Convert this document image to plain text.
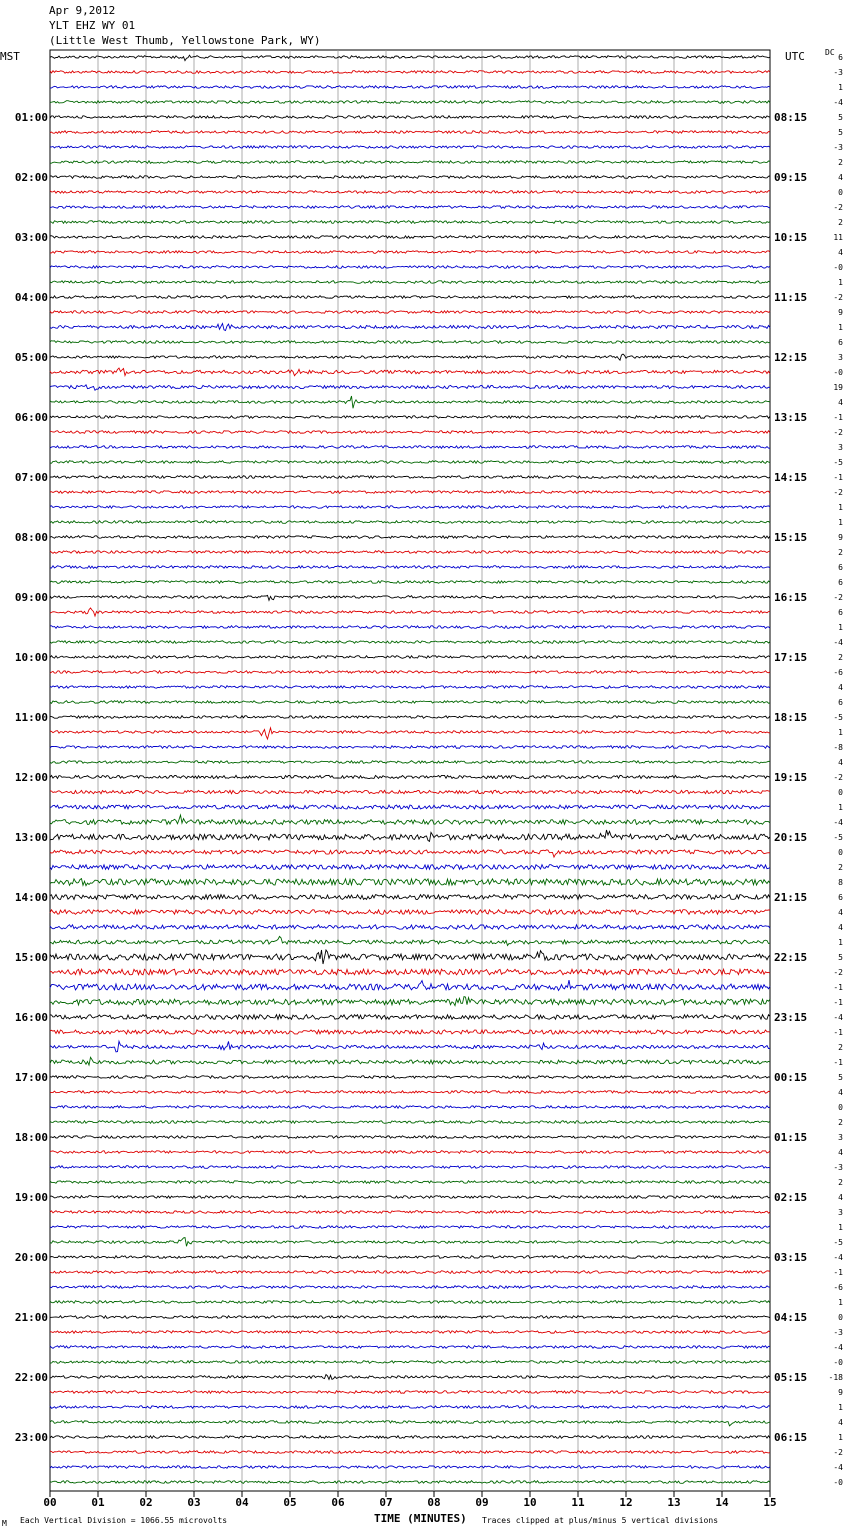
Apr 9,2012
YLT EHZ WY 01
(Little West Thumb, Yellowstone Park, WY)
MST	UTC	DC
00	01	02	03	04	05	06	07	08	09	10	11	12	13	14	15
6
-3
1
-4
5
5
-3
2
4
0
-2
2
11
4
-0
1
-2
9
1
6
3
-0
19
4
-1
-2
3
-5
-1
-2
1
1
9
2
6
6
-2
6
1
-4
2
-6
4
6
-5
1
-8
4
-2
0
1
-4
-5
0
2
8
6
4
4
1
5
-2
-1
-1
-4
-1
2
-1
5
4
0
2
3
4
-3
2
4
3
1
-5
-4
-1
-6
1
0
-3
-4
-0
-18
9
1
4
1
-2
-4
-0
01:00
02:00
03:00
04:00
05:00
06:00
07:00
08:00
09:00
10:00
11:00
12:00
13:00
14:00
15:00
16:00
17:00
18:00
19:00
20:00
21:00
22:00
23:00
08:15
09:15
10:15
11:15
12:15
13:15
14:15
15:15
16:15
17:15
18:15
19:15
20:15
21:15
22:15
23:15
00:15
01:15
02:15
03:15
04:15
05:15
06:15
M Each Vertical Division = 1066.55 microvolts	TIME (MINUTES) Traces clipped at plus/minus 5 vertical divisions
